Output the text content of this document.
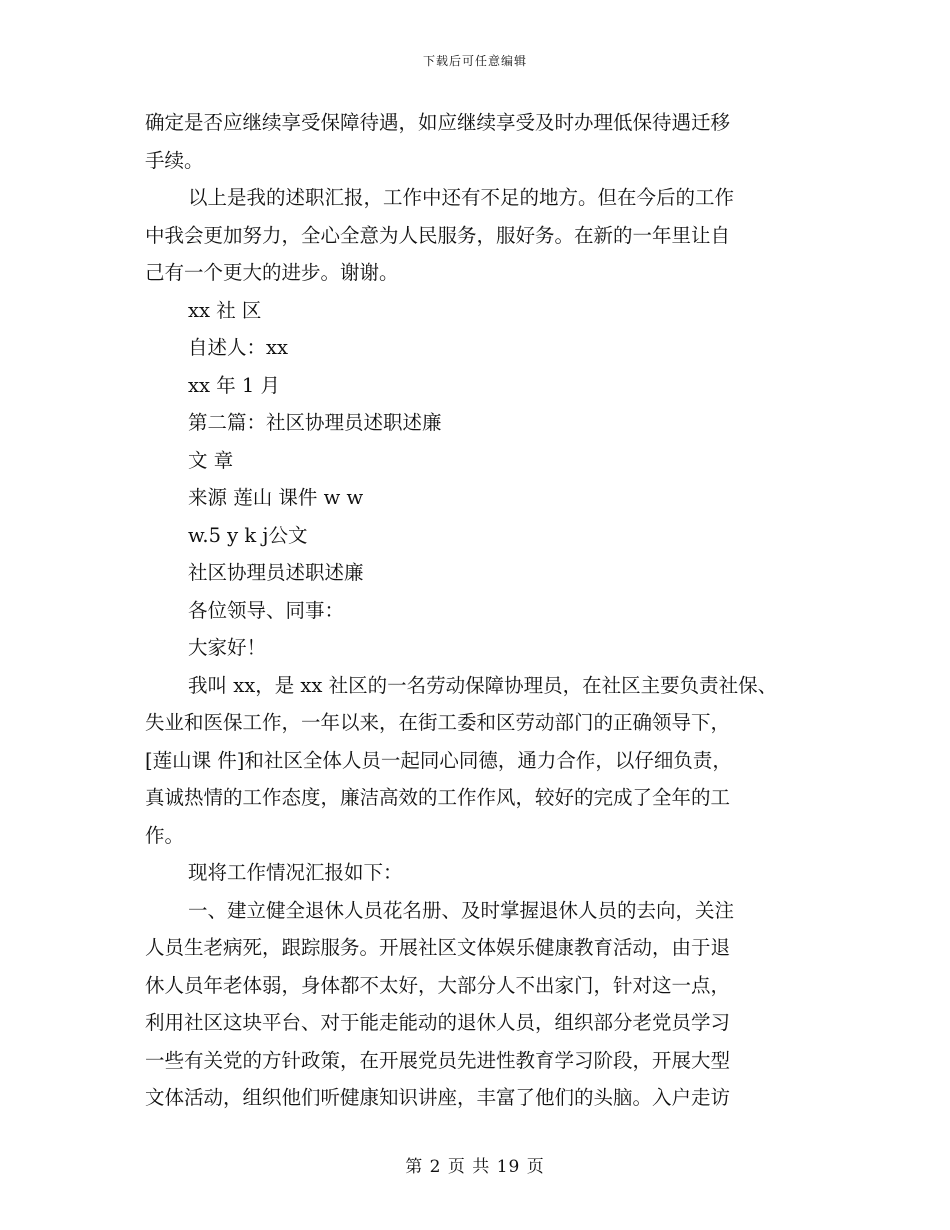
下载后可任意编辑
确定是否应继续享受保障待遇，如应继续享受及时办理低保待遇迁移
手续。
以上是我的述职汇报，工作中还有不足的地方。但在今后的工作
中我会更加努力，全心全意为人民服务，服好务。在新的一年里让自
己有一个更大的进步。谢谢。
xx 社 区
自述人：xx
xx 年 1 月
第二篇：社区协理员述职述廉
文 章
来源 莲山 课件 w w
w.5 y k j公文
社区协理员述职述廉
各位领导、同事：
大家好！
我叫 xx，是 xx 社区的一名劳动保障协理员，在社区主要负责社保、
失业和医保工作，一年以来，在街工委和区劳动部门的正确领导下，
[莲山课 件]和社区全体人员一起同心同德，通力合作，以仔细负责，
真诚热情的工作态度，廉洁高效的工作作风，较好的完成了全年的工
作。
现将工作情况汇报如下：
一、建立健全退休人员花名册、及时掌握退休人员的去向，关注
人员生老病死，跟踪服务。开展社区文体娱乐健康教育活动，由于退
休人员年老体弱，身体都不太好，大部分人不出家门，针对这一点，
利用社区这块平台、对于能走能动的退休人员，组织部分老党员学习
一些有关党的方针政策，在开展党员先进性教育学习阶段，开展大型
文体活动，组织他们听健康知识讲座，丰富了他们的头脑。入户走访
第 2 页 共 19 页
